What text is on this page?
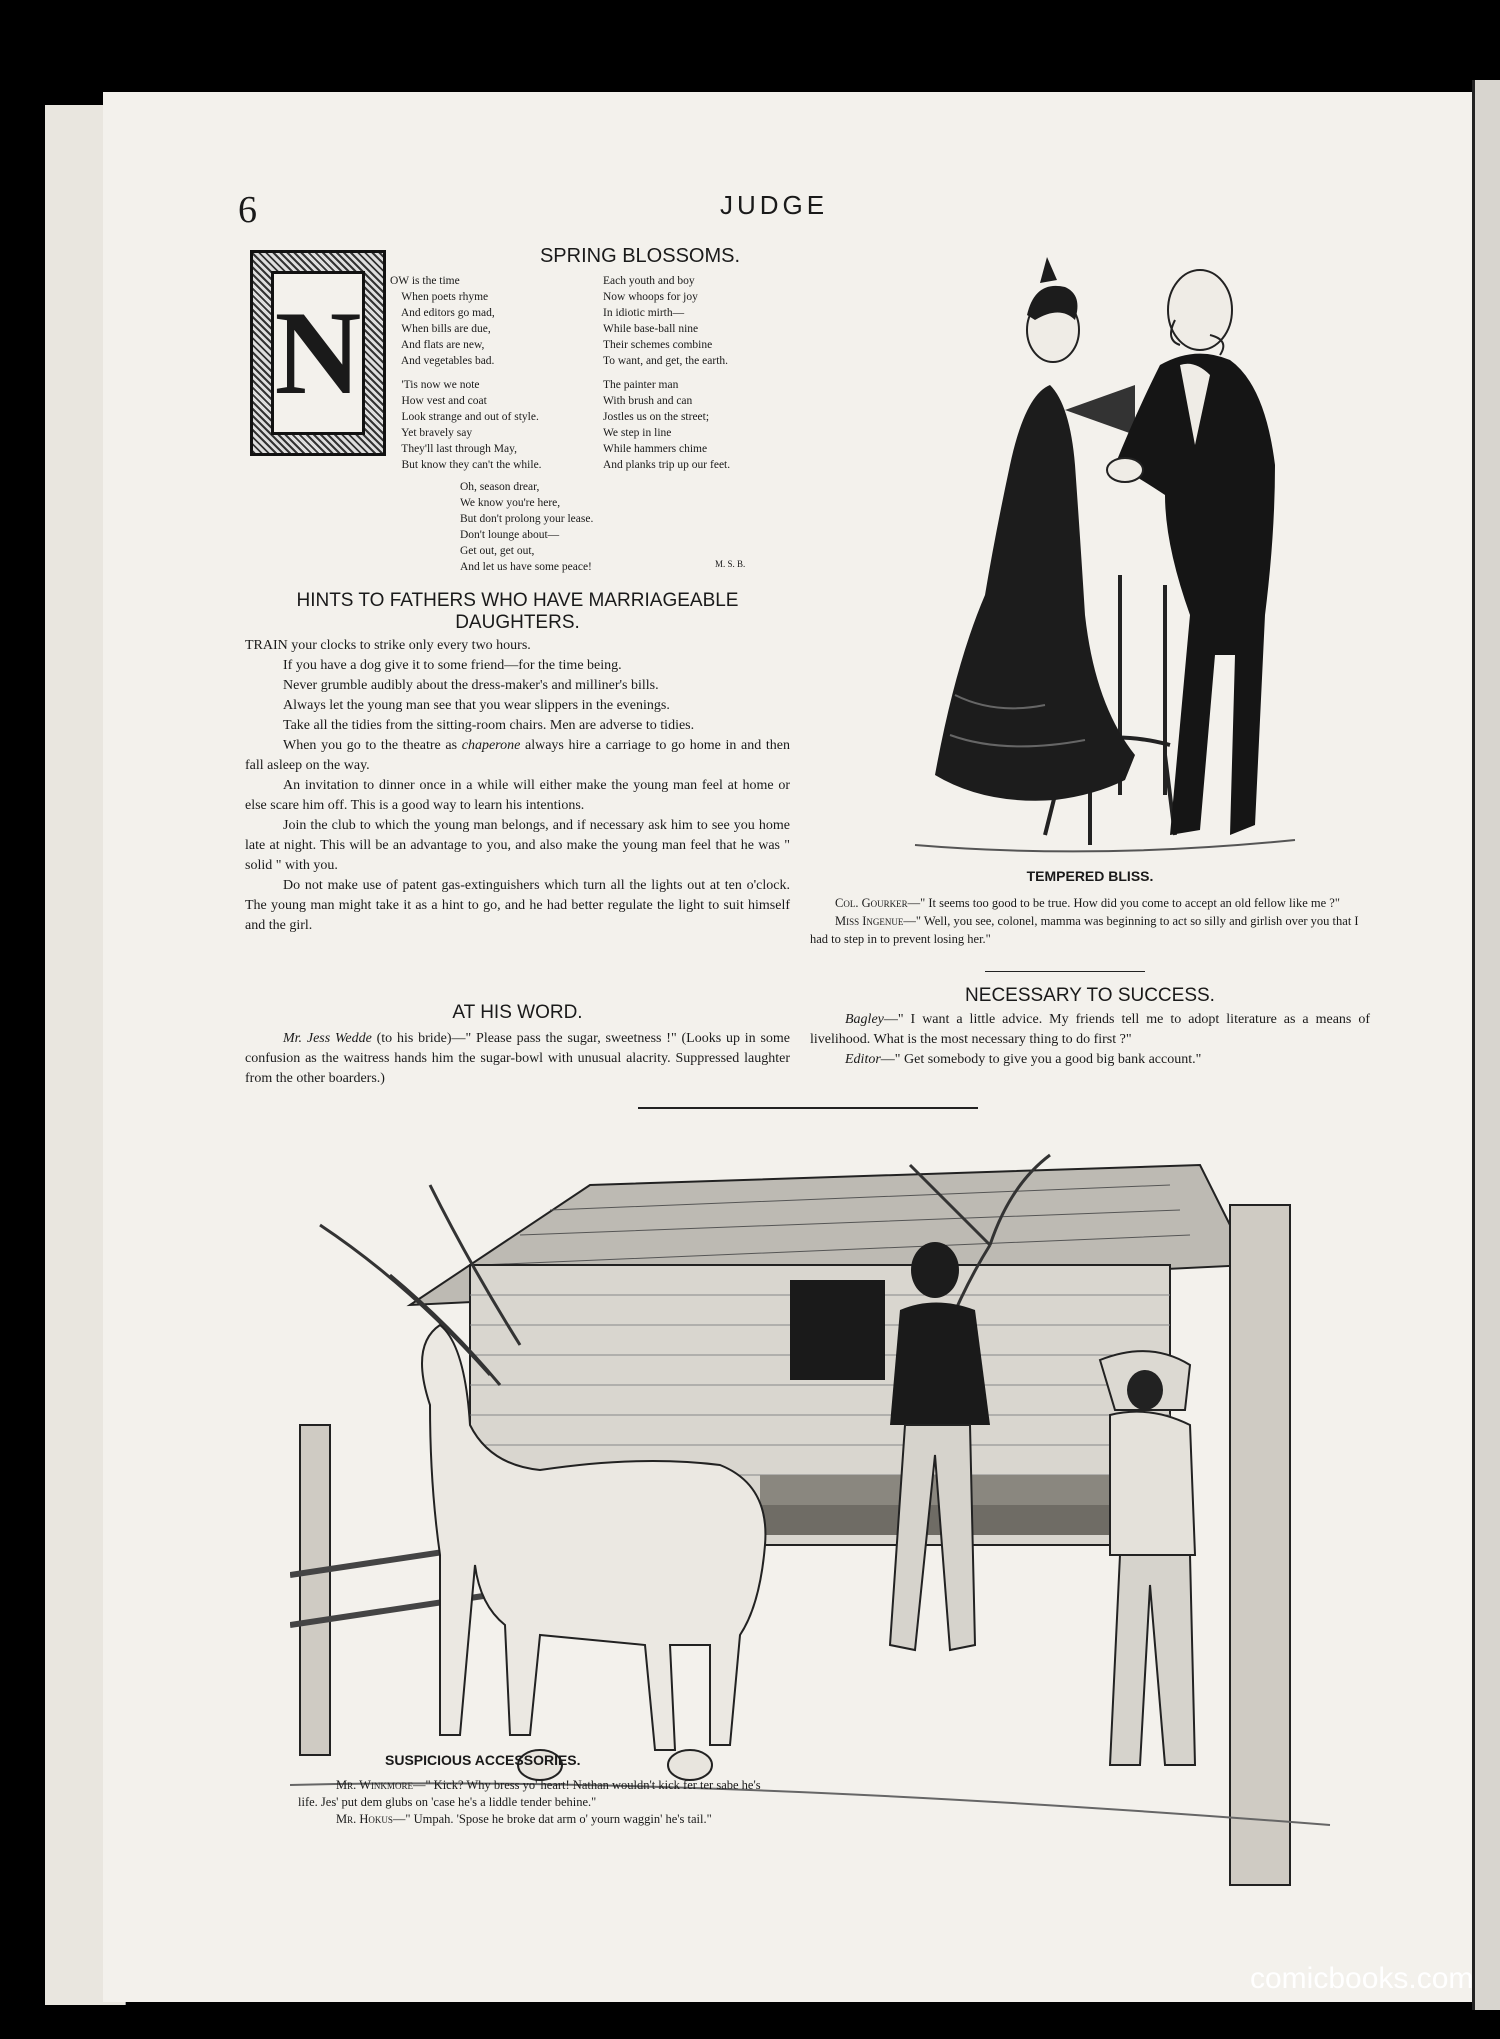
6	JUDGE
SPRING BLOSSOMS.
N
OW is the time
When poets rhyme
And editors go mad,
When bills are due,
And flats are new,
And vegetables bad.
Each youth and boy
Now whoops for joy
In idiotic mirth—
While base-ball nine
Their schemes combine
To want, and get, the earth.
'Tis now we note
How vest and coat
Look strange and out of style.
Yet bravely say
They'll last through May,
But know they can't the while.
The painter man
With brush and can
Jostles us on the street;
We step in line
While hammers chime
And planks trip up our feet.
Oh, season drear,
We know you're here,
But don't prolong your lease.
Don't lounge about—
Get out, get out,
And let us have some peace!	M. S. B.
HINTS TO FATHERS WHO HAVE MARRIAGEABLE DAUGHTERS.

TRAIN your clocks to strike only every two hours.

If you have a dog give it to some friend—for the time being.

Never grumble audibly about the dress-maker's and milliner's bills.

Always let the young man see that you wear slippers in the evenings.

Take all the tidies from the sitting-room chairs. Men are adverse to tidies.

When you go to the theatre as chaperone always hire a carriage to go home in and then fall asleep on the way.

An invitation to dinner once in a while will either make the young man feel at home or else scare him off. This is a good way to learn his intentions.

Join the club to which the young man belongs, and if necessary ask him to see you home late at night. This will be an advantage to you, and also make the young man feel that he was " solid " with you.

Do not make use of patent gas-extinguishers which turn all the lights out at ten o'clock. The young man might take it as a hint to go, and he had better regulate the light to suit himself and the girl.

AT HIS WORD.

Mr. Jess Wedde (to his bride)—" Please pass the sugar, sweetness !" (Looks up in some confusion as the waitress hands him the sugar-bowl with unusual alacrity. Suppressed laughter from the other boarders.)

TEMPERED BLISS.

Col. Gourker—" It seems too good to be true. How did you come to accept an old fellow like me ?"

Miss Ingenue—" Well, you see, colonel, mamma was beginning to act so silly and girlish over you that I had to step in to prevent losing her."

NECESSARY TO SUCCESS.

Bagley—" I want a little advice. My friends tell me to adopt literature as a means of livelihood. What is the most necessary thing to do first ?"

Editor—" Get somebody to give you a good big bank account."

SUSPICIOUS ACCESSORIES.

Mr. Winkmore—" Kick? Why bress yo' heart! Nathan wouldn't kick fer ter sabe he's life. Jes' put dem glubs on 'case he's a liddle tender behine."

Mr. Hokus—" Umpah. 'Spose he broke dat arm o' yourn waggin' he's tail."

comicbooks.com
